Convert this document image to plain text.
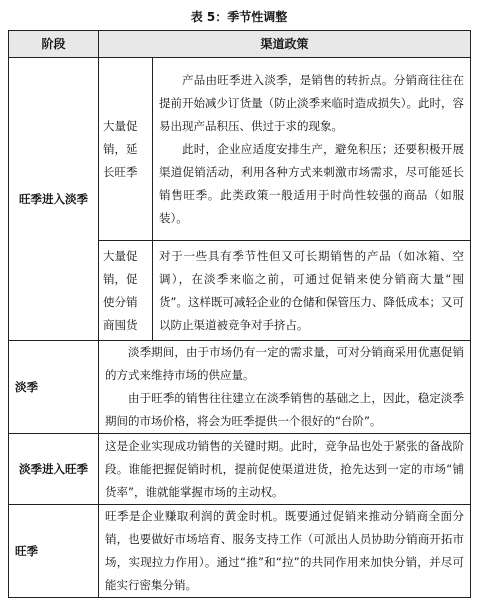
表 5：季节性调整
阶段	渠道政策	
旺季进入淡季	大量促销，延长旺季	产品由旺季进入淡季，是销售的转折点。分销商往往在提前开始减少订货量（防止淡季来临时造成损失）。此时，容易出现产品积压、供过于求的现象。

此时，企业应适度安排生产，避免积压；还要积极开展渠道促销活动，利用各种方式来刺激市场需求，尽可能延长销售旺季。此类政策一般适用于时尚性较强的商品（如服装）。

	大量促销，促使分销商囤货	对于一些具有季节性但又可长期销售的产品（如冰箱、空调），在淡季来临之前，可通过促销来使分销商大量“囤货”。这样既可减轻企业的仓储和保管压力、降低成本；又可以防止渠道被竞争对手挤占。

淡季	淡季期间，由于市场仍有一定的需求量，可对分销商采用优惠促销的方式来维持市场的供应量。

由于旺季的销售往往建立在淡季销售的基础之上，因此，稳定淡季期间的市场价格，将会为旺季提供一个很好的“台阶”。	

淡季进入旺季	这是企业实现成功销售的关键时期。此时，竞争品也处于紧张的备战阶段。谁能把握促销时机，提前促使渠道进货，抢先达到一定的市场“铺货率”，谁就能掌握市场的主动权。	

旺季	旺季是企业赚取利润的黄金时机。既要通过促销来推动分销商全面分销，也要做好市场培育、服务支持工作（可派出人员协助分销商开拓市场，实现拉力作用）。通过“推”和“拉”的共同作用来加快分销，并尽可能实行密集分销。	
